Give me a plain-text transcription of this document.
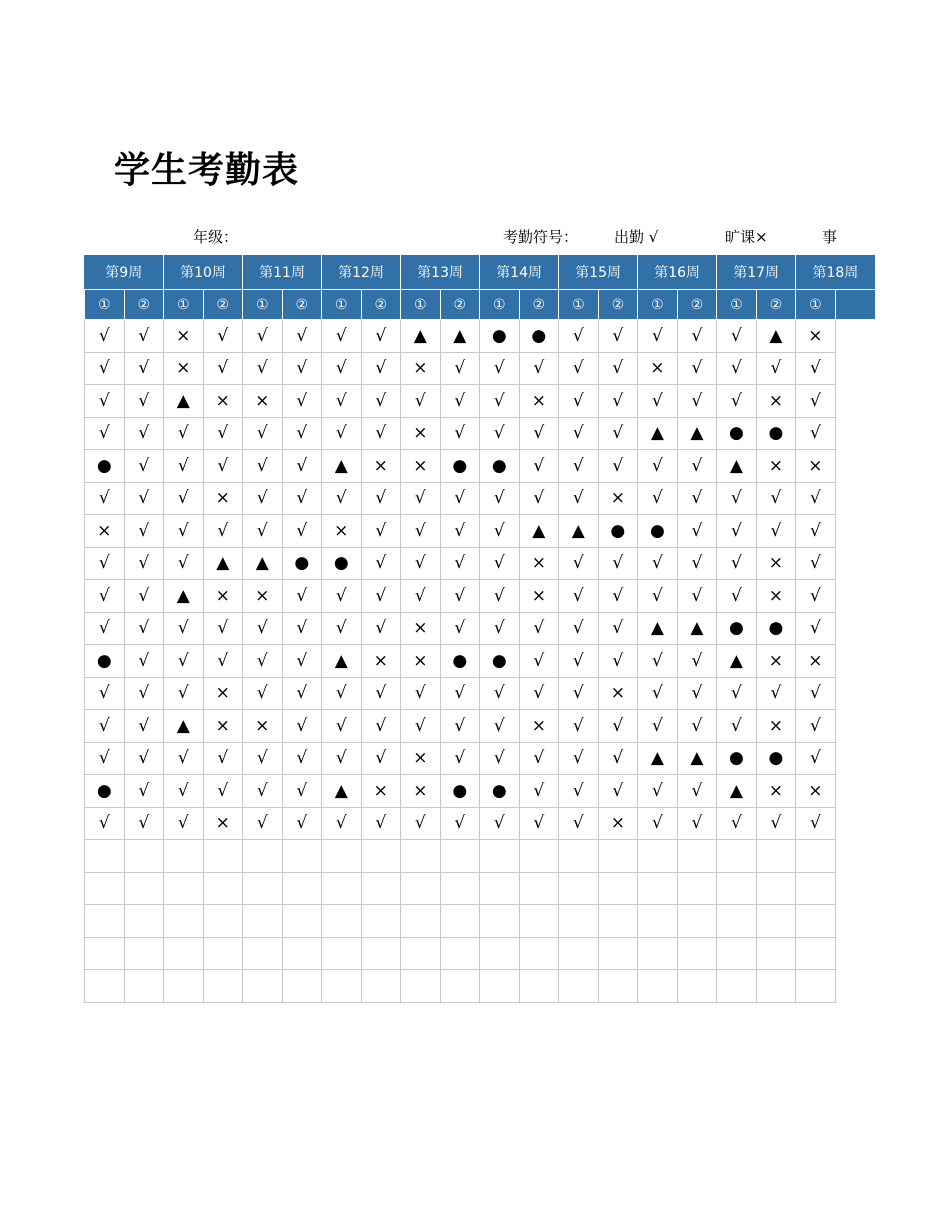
学生考勤表
年级：	考勤符号： 出勤 √	旷课×	事
第9周		第10周		第11周		第12周		第13周		第14周		第15周		第16周		第17周		第18周	
①	②	①	②	①	②	①	②	①	②	①	②	①	②	①	②	①	②	①	
√	√	×	√	√	√	√	√	▲	▲	●	●	√	√	√	√	√	▲	×	
√	√	×	√	√	√	√	√	×	√	√	√	√	√	×	√	√	√	√	
√	√	▲	×	×	√	√	√	√	√	√	×	√	√	√	√	√	×	√	
√	√	√	√	√	√	√	√	×	√	√	√	√	√	▲	▲	●	●	√	
●	√	√	√	√	√	▲	×	×	●	●	√	√	√	√	√	▲	×	×	
√	√	√	×	√	√	√	√	√	√	√	√	√	×	√	√	√	√	√	
×	√	√	√	√	√	×	√	√	√	√	▲	▲	●	●	√	√	√	√	
√	√	√	▲	▲	●	●	√	√	√	√	×	√	√	√	√	√	×	√	
√	√	▲	×	×	√	√	√	√	√	√	×	√	√	√	√	√	×	√	
√	√	√	√	√	√	√	√	×	√	√	√	√	√	▲	▲	●	●	√	
●	√	√	√	√	√	▲	×	×	●	●	√	√	√	√	√	▲	×	×	
√	√	√	×	√	√	√	√	√	√	√	√	√	×	√	√	√	√	√	
√	√	▲	×	×	√	√	√	√	√	√	×	√	√	√	√	√	×	√	
√	√	√	√	√	√	√	√	×	√	√	√	√	√	▲	▲	●	●	√	
●	√	√	√	√	√	▲	×	×	●	●	√	√	√	√	√	▲	×	×	
√	√	√	×	√	√	√	√	√	√	√	√	√	×	√	√	√	√	√	
